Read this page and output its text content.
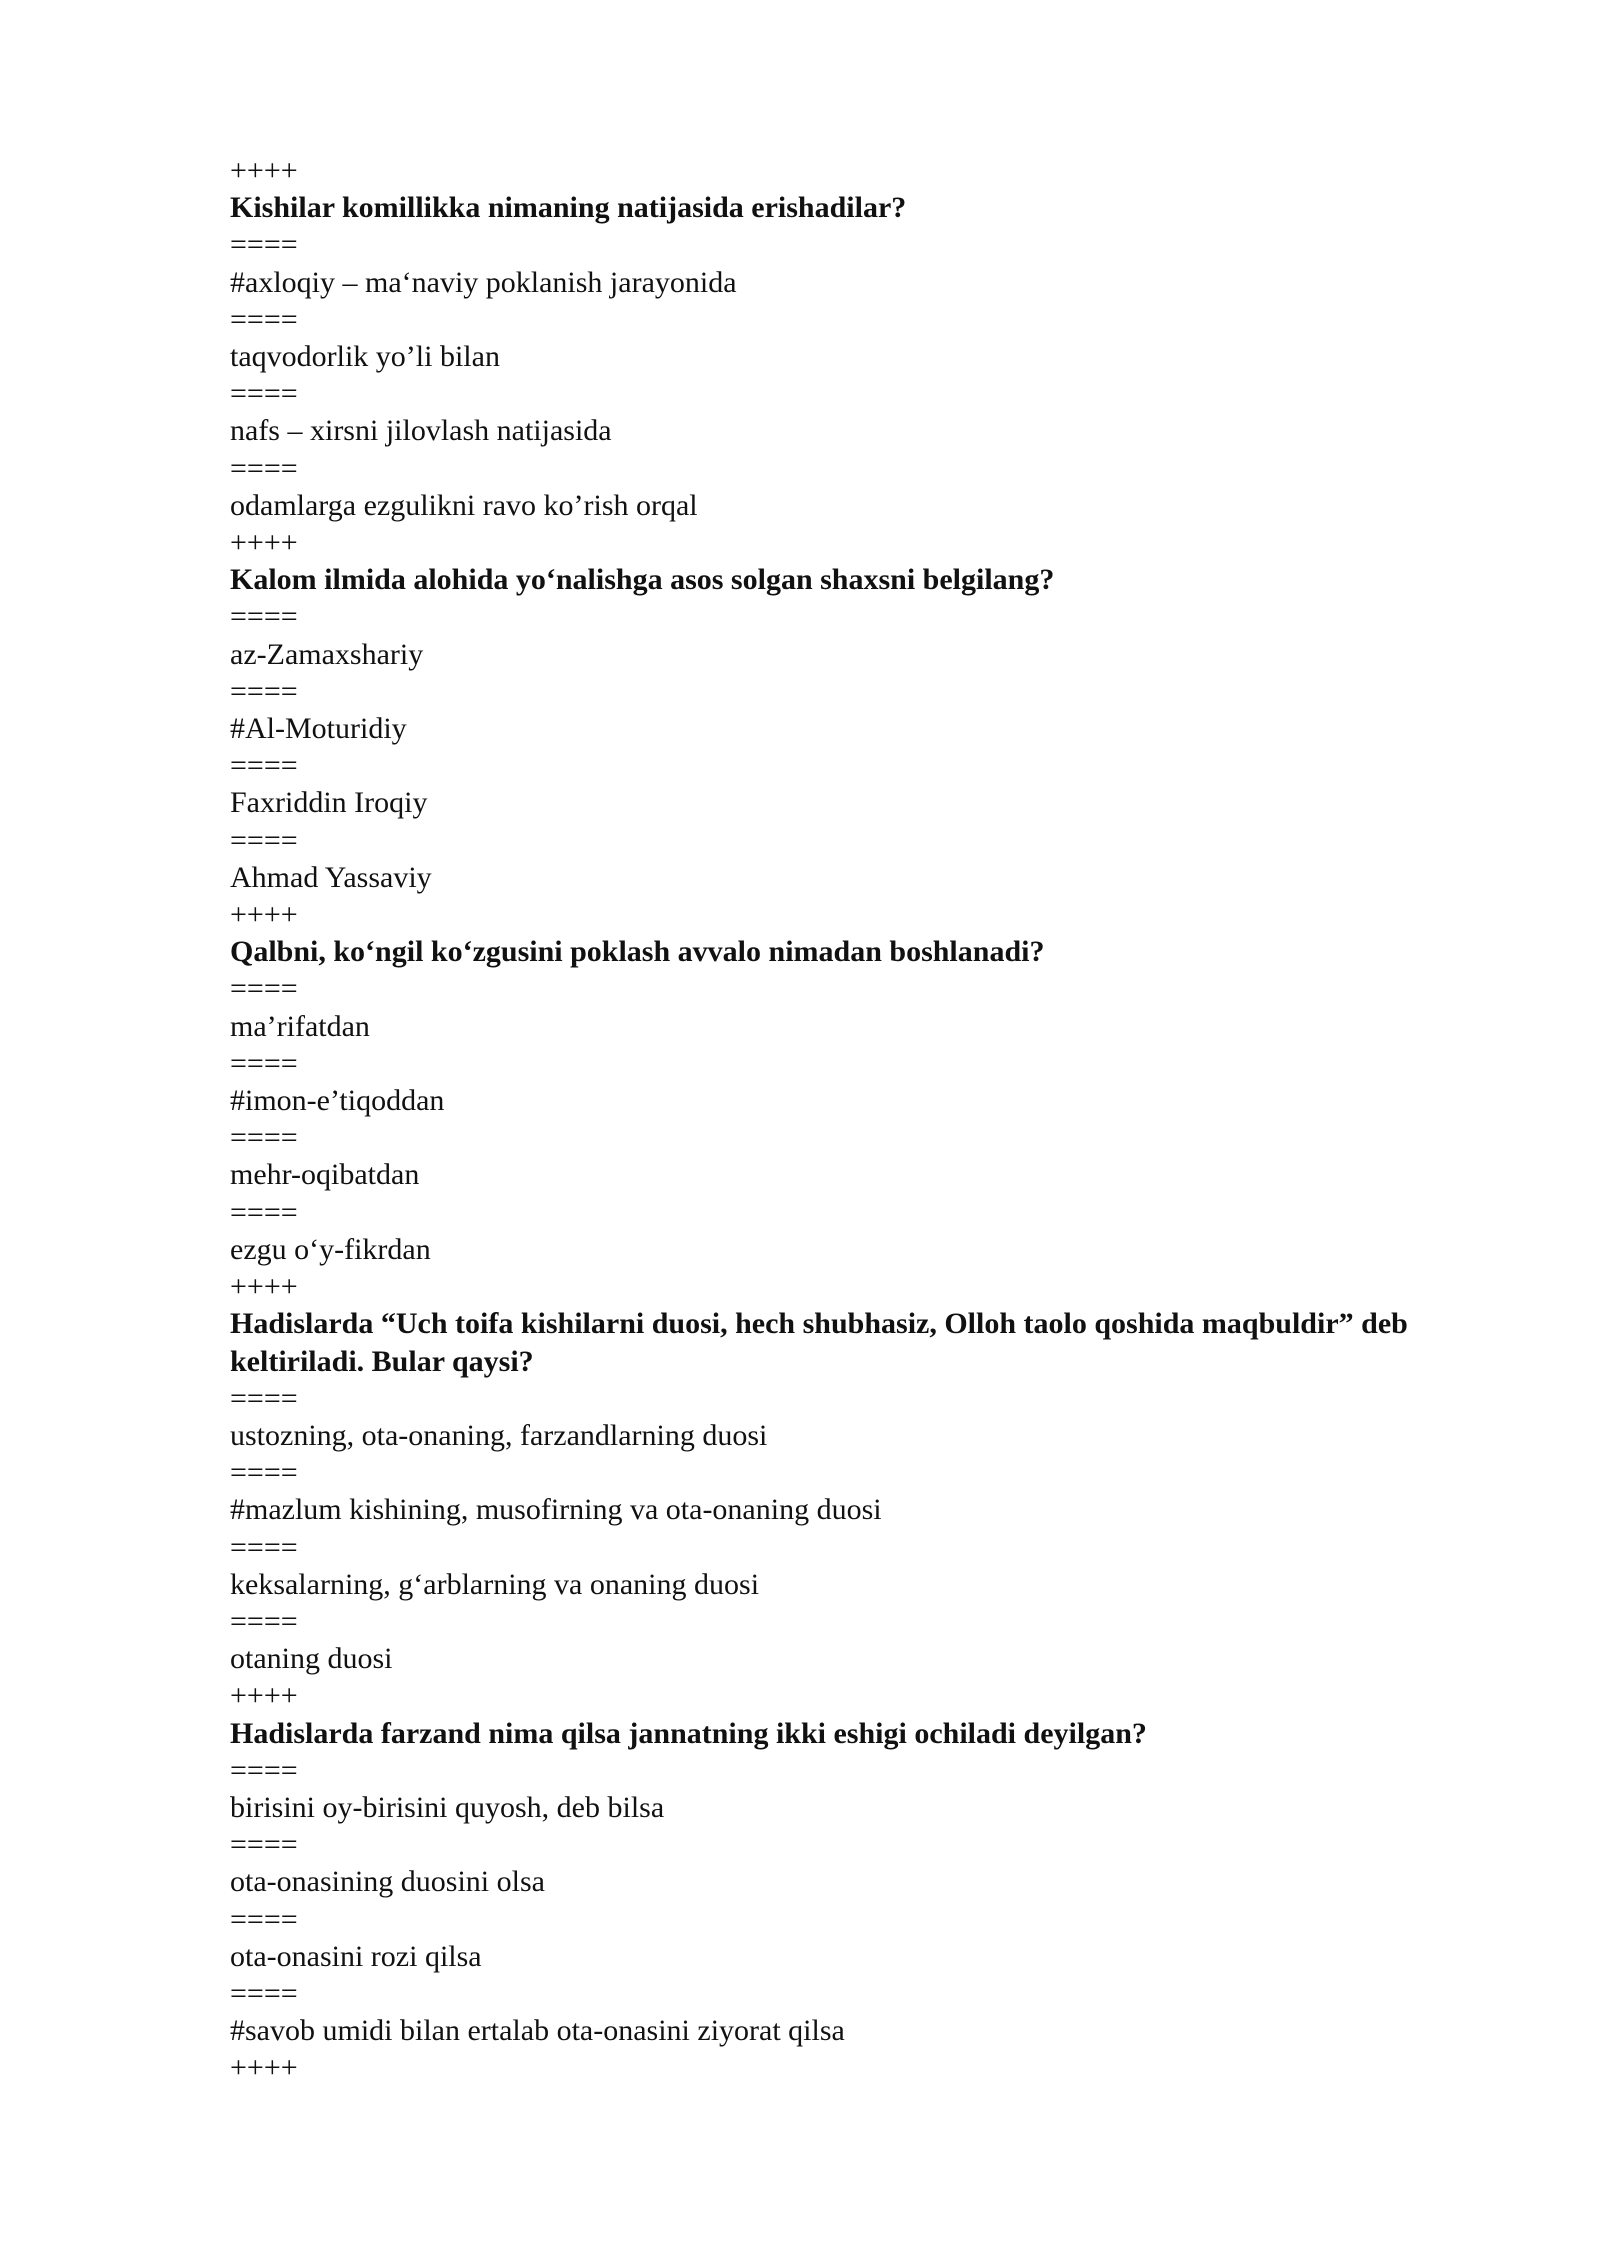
++++
Kishilar komillikka nimaning natijasida erishadilar?
====
#axloqiy – maʻnaviy poklanish jarayonida
====
taqvodorlik yo’li bilan
====
nafs – xirsni jilovlash natijasida
====
odamlarga ezgulikni ravo ko’rish orqal
++++
Kalom ilmida alohida yoʻnalishga asos solgan shaxsni belgilang?
====
az-Zamaxshariy
====
#Al-Moturidiy
====
Faxriddin Iroqiy
====
Ahmad Yassaviy
++++
Qalbni, koʻngil koʻzgusini poklash avvalo nimadan boshlanadi?
====
ma’rifatdan
====
#imon-e’tiqoddan
====
mehr-oqibatdan
====
ezgu oʻy-fikrdan
++++
Hadislarda “Uch toifa kishilarni duosi, hech shubhasiz, Olloh taolo qoshida maqbuldir” deb keltiriladi. Bular qaysi?
====
ustozning, ota-onaning, farzandlarning duosi
====
#mazlum kishining, musofirning va ota-onaning duosi
====
keksalarning, gʻarblarning va onaning duosi
====
otaning duosi
++++
Hadislarda farzand nima qilsa jannatning ikki eshigi ochiladi deyilgan?
====
birisini oy-birisini quyosh, deb bilsa
====
ota-onasining duosini olsa
====
ota-onasini rozi qilsa
====
#savob umidi bilan ertalab ota-onasini ziyorat qilsa
++++
